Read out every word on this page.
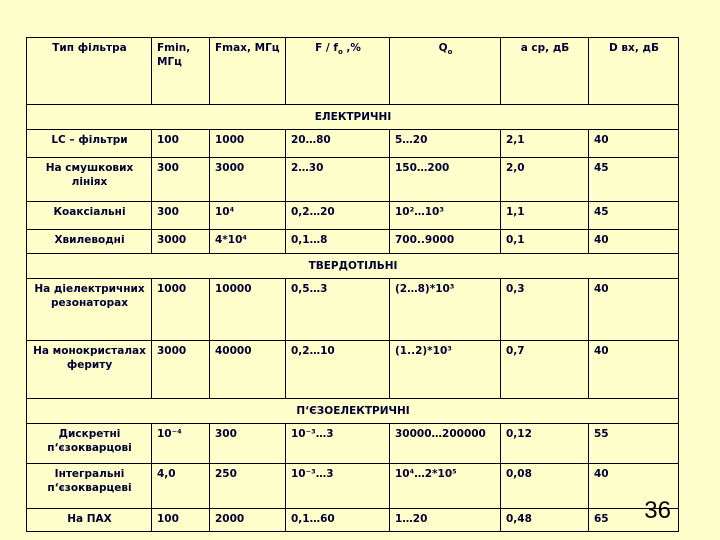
Тип фільтра	Fmin, МГц	Fmax, МГц	F / $f_o$ ,%	$Q_o$	a ср, дБ	D вх, дБ
ЕЛЕКТРИЧНІ						
LC – фільтри	100	1000	20…80	5…20	2,1	40
На смушкових лініях	300	3000	2…30	150…200	2,0	45
Коаксіальні	300	10⁴	0,2…20	10²…10³	1,1	45
Хвилеводні	3000	4*10⁴	0,1…8	700..9000	0,1	40
ТВЕРДОТІЛЬНІ						
На діелектричних резонаторах	1000	10000	0,5…3	(2…8)*10³	0,3	40
На монокристалах фериту	3000	40000	0,2…10	(1..2)*10³	0,7	40
П‘ЄЗОЕЛЕКТРИЧНІ						
Дискретні п‘єзокварцові	10⁻⁴	300	10⁻³…3	30000…200000	0,12	55
Інтегральні п‘єзокварцеві	4,0	250	10⁻³…3	10⁴…2*10⁵	0,08	40
На ПАХ	100	2000	0,1…60	1…20	0,48	65 36
